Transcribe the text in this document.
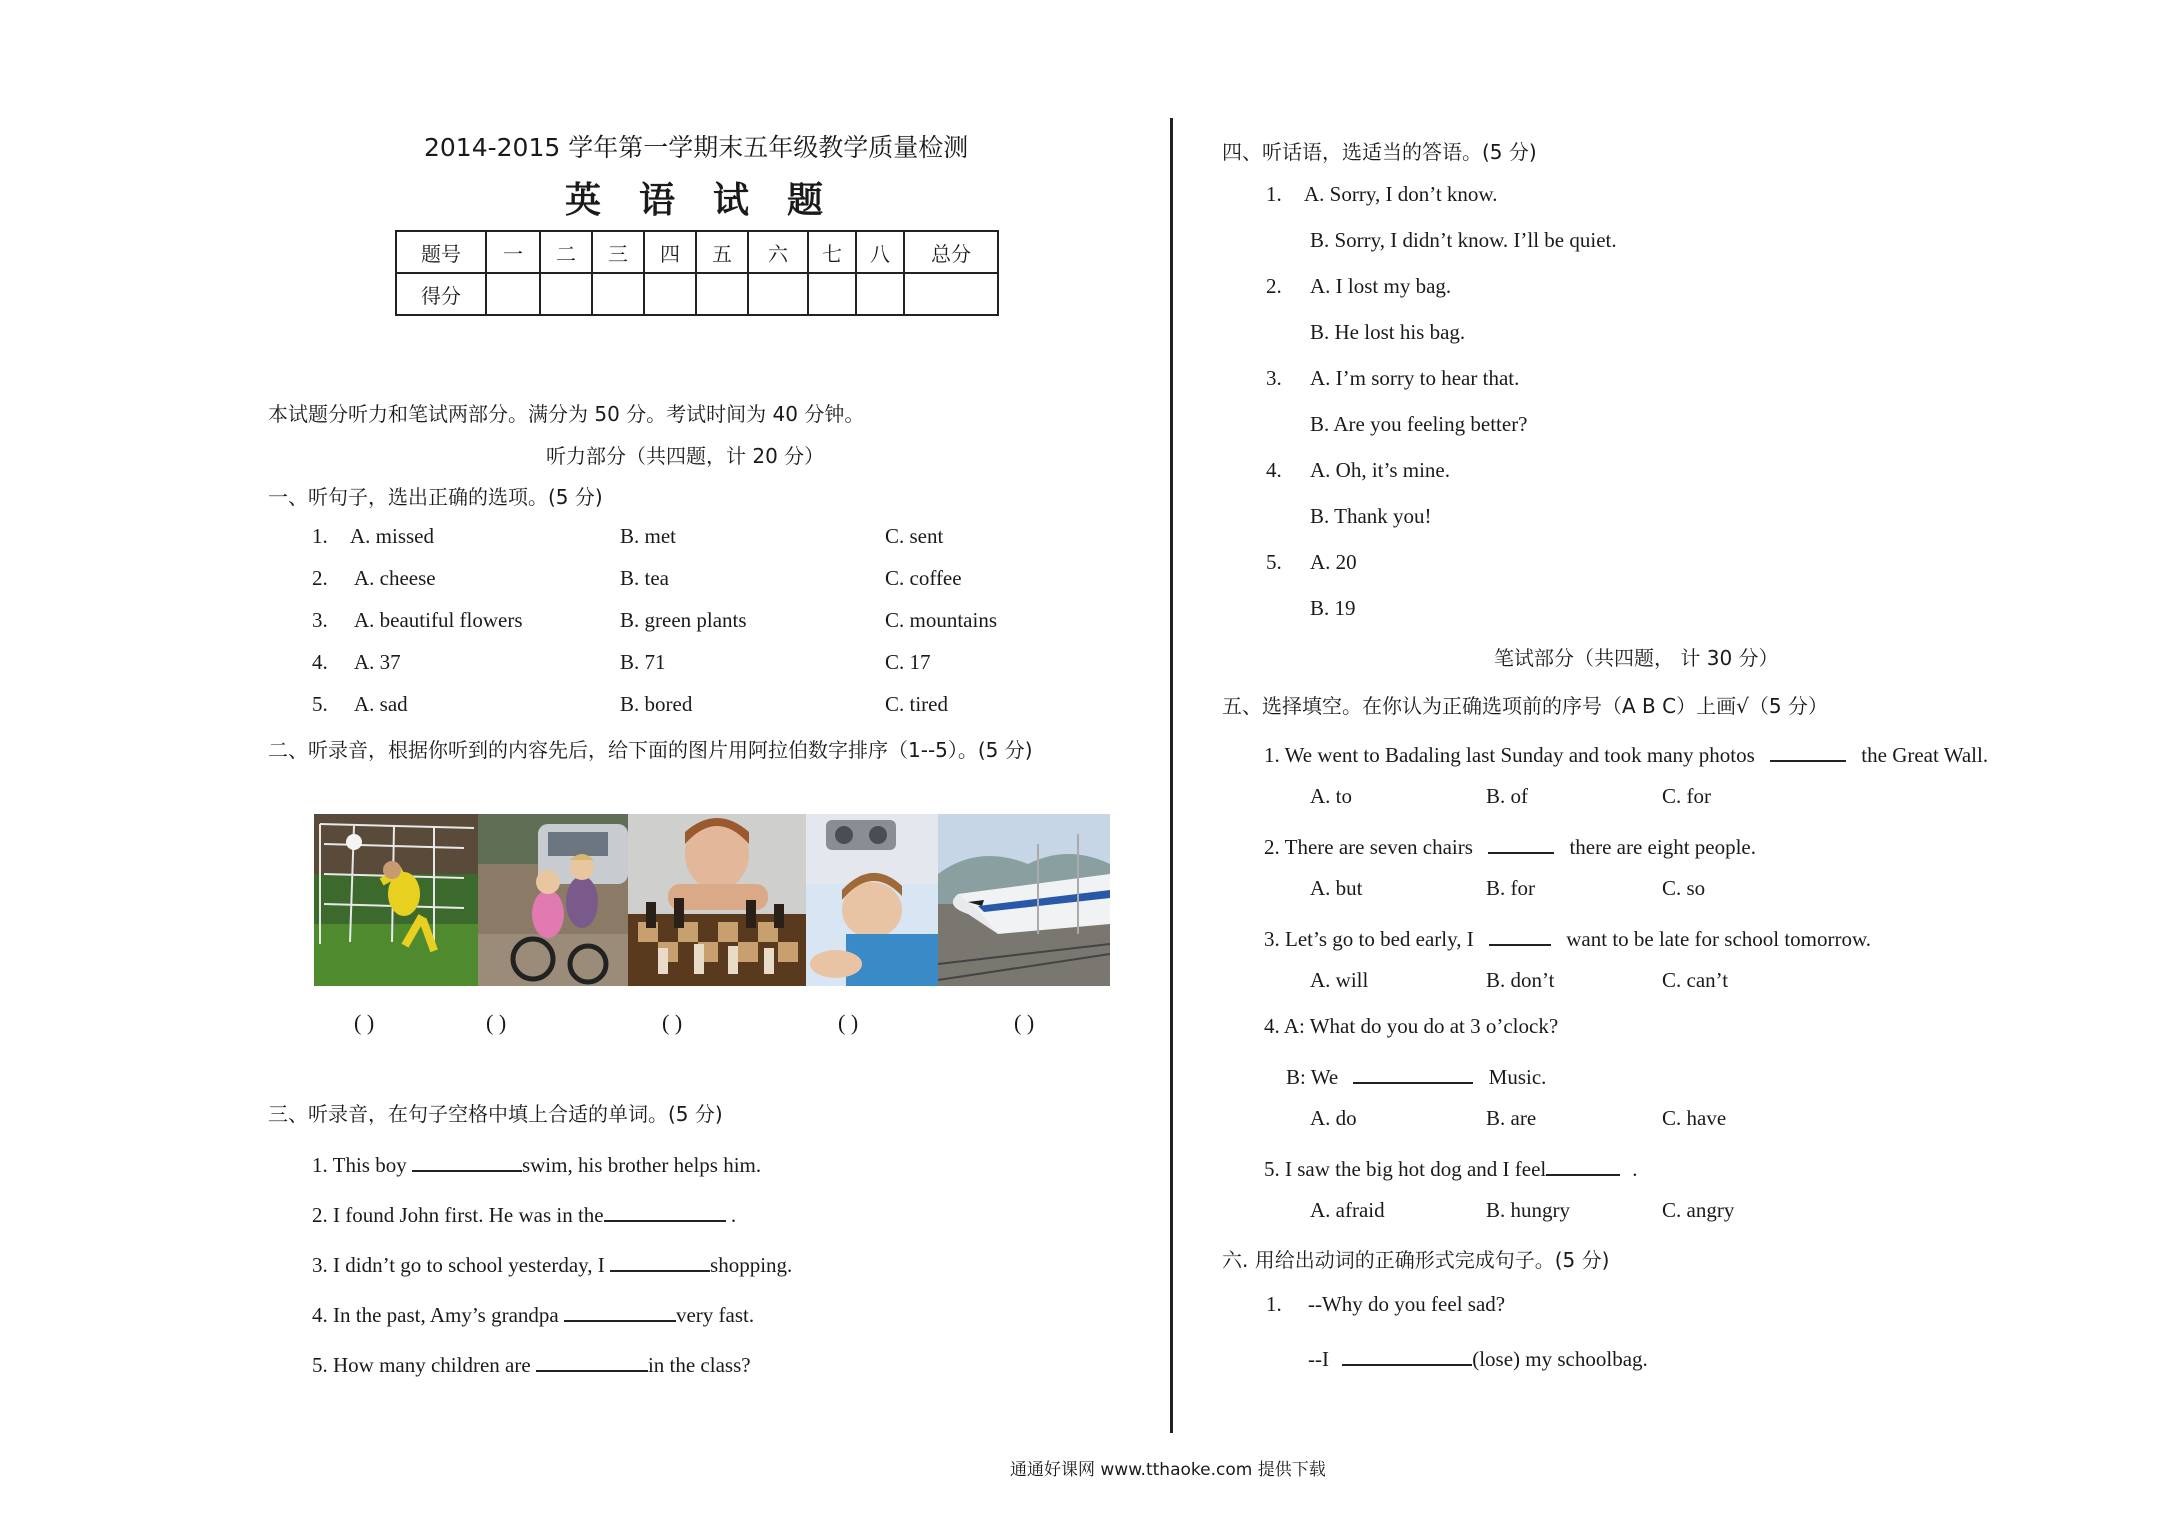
2014-2015 学年第一学期末五年级教学质量检测
英语试题
题号	一	二	三	四	五	六	七	八	总分
得分									
本试题分听力和笔试两部分。满分为 50 分。考试时间为 40 分钟。
听力部分（共四题，计 20 分）
一、听句子，选出正确的选项。(5 分)
1. A. missed	B. met	C. sent
2. A. cheese	B. tea	C. coffee
3. A. beautiful flowers	B. green plants	C. mountains
4. A. 37	B. 71	C. 17
5. A. sad	B. bored	C. tired
二、听录音，根据你听到的内容先后，给下面的图片用阿拉伯数字排序（1--5）。(5 分)
( )	( )	( )	( )	( )
三、听录音，在句子空格中填上合适的单词。(5 分)
1. This boy	swim, his brother helps him.
2. I found John first. He was in the	.
3. I didn’t go to school yesterday, I	shopping.
4. In the past, Amy’s grandpa	very fast.
5. How many children are	in the class?
四、听话语，选适当的答语。(5 分)
1. A. Sorry, I don’t know.
B. Sorry, I didn’t know. I’ll be quiet.
2. A. I lost my bag.
B. He lost his bag.
3. A. I’m sorry to hear that.
B. Are you feeling better?
4. A. Oh, it’s mine.
B. Thank you!
5. A. 20
B. 19
笔试部分（共四题， 计 30 分）
五、选择填空。在你认为正确选项前的序号（A B C）上画√（5 分）
1. We went to Badaling last Sunday and took many photos	the Great Wall.
A. to	B. of	C. for
2. There are seven chairs	there are eight people.
A. but	B. for	C. so
3. Let’s go to bed early, I	want to be late for school tomorrow.
A. will	B. don’t	C. can’t
4. A: What do you do at 3 o’clock?
B: We	Music.
A. do	B. are	C. have
5. I saw the big hot dog and I feel	.
A. afraid	B. hungry	C. angry
六. 用给出动词的正确形式完成句子。(5 分)
1. --Why do you feel sad?
--I	(lose) my schoolbag.
通通好课网 www.tthaoke.com 提供下载
